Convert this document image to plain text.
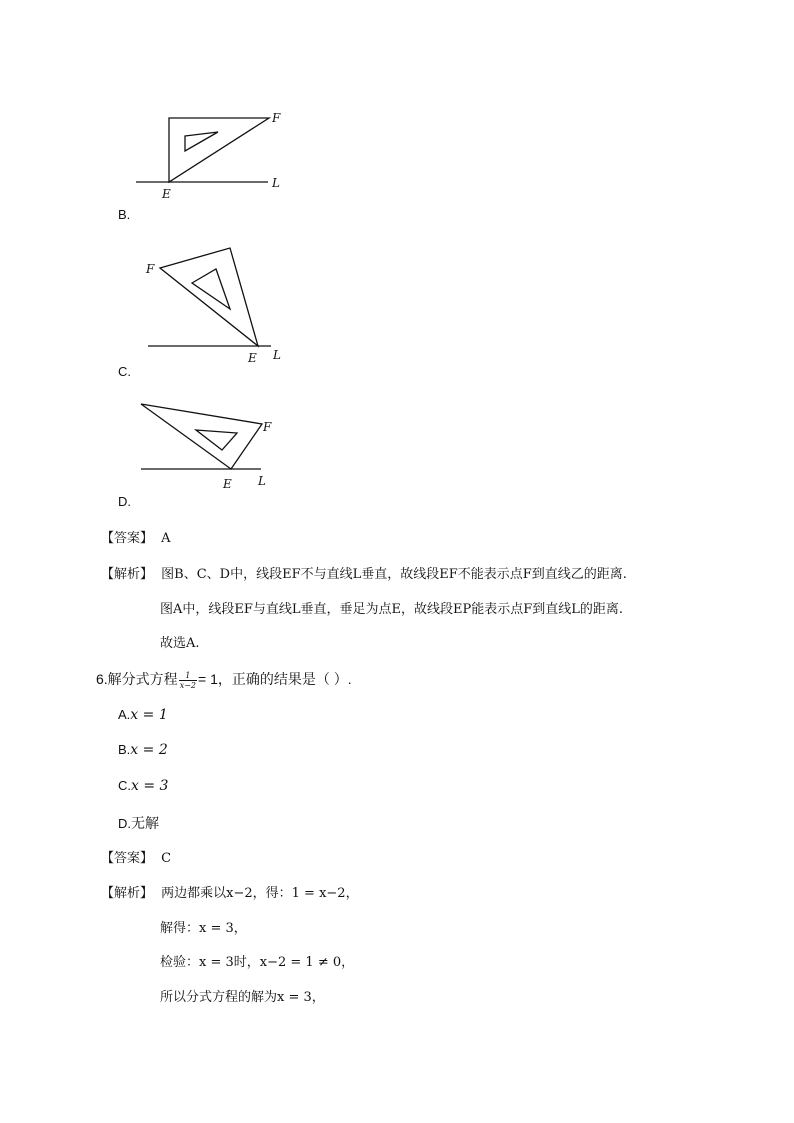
F
E
L
B.
F
E L
C.
F
E L
D.
【答案】 A
【解析】 图B、C、D中，线段EF不与直线L垂直，故线段EF不能表示点F到直线乙的距离.
图A中，线段EF与直线L垂直，垂足为点E，故线段EP能表示点F到直线L的距离.
故选A.
6.解分式方程 $\frac{1}{x-2} = 1$，正确的结果是（ ）.
A.x = 1
B.x = 2
C.x = 3
D.无解
【答案】 C
【解析】 两边都乘以x−2，得：1 = x−2，
解得：x = 3，
检验：x = 3时，x−2 = 1 ≠ 0，
所以分式方程的解为x = 3，
